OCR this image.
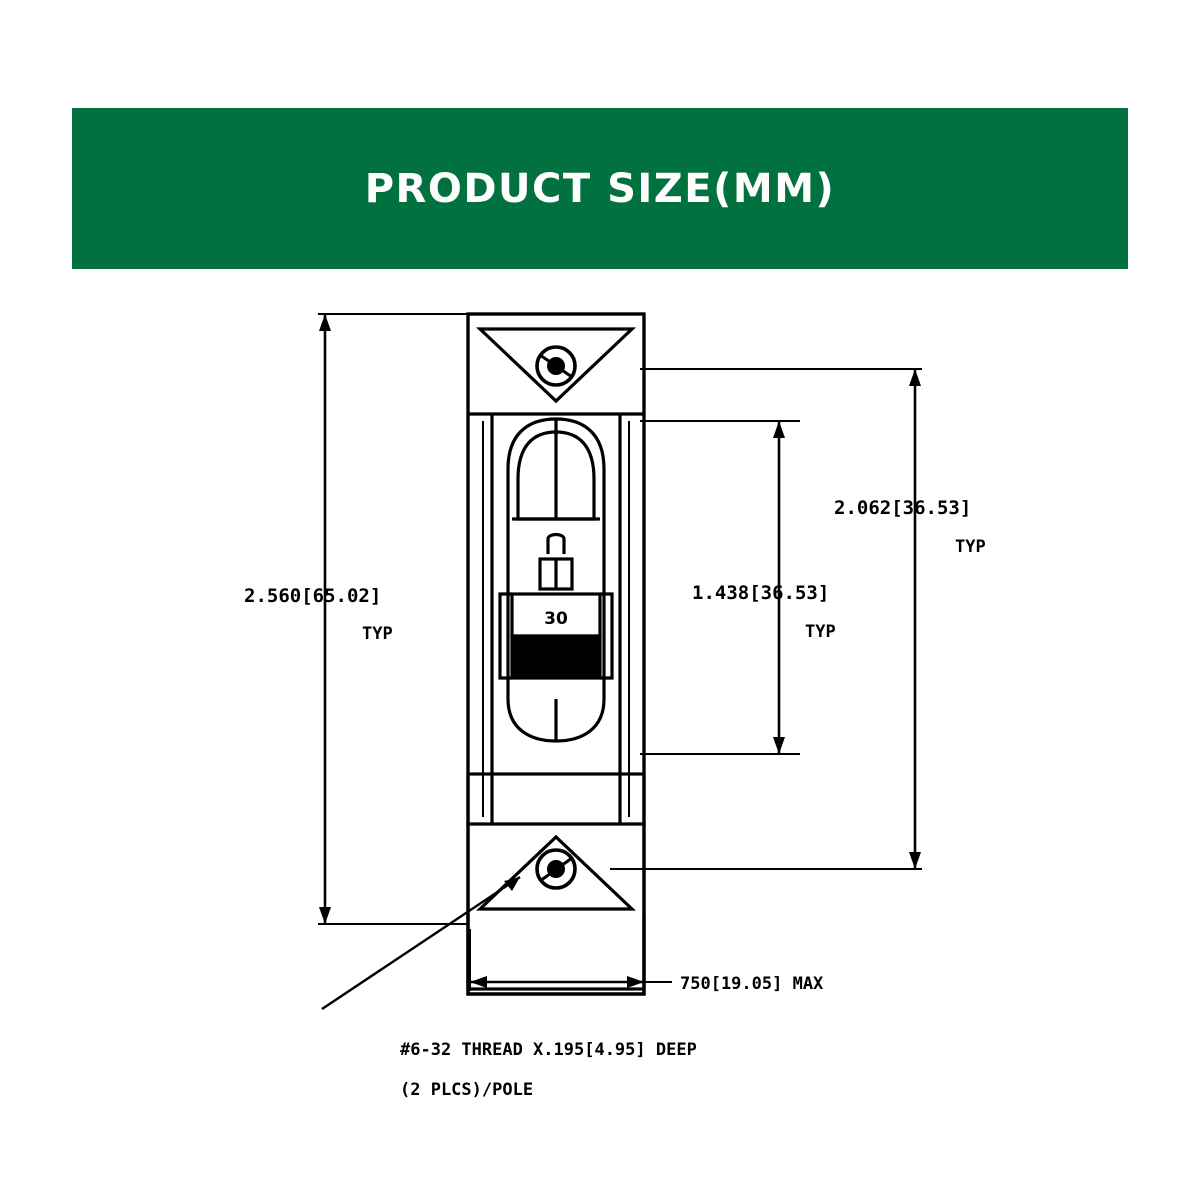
PRODUCT SIZE(MM)
30
2.560[65.02]
TYP
2.062[36.53]
TYP
1.438[36.53]
TYP
750[19.05] MAX
#6-32 THREAD X.195[4.95] DEEP
(2 PLCS)/POLE
